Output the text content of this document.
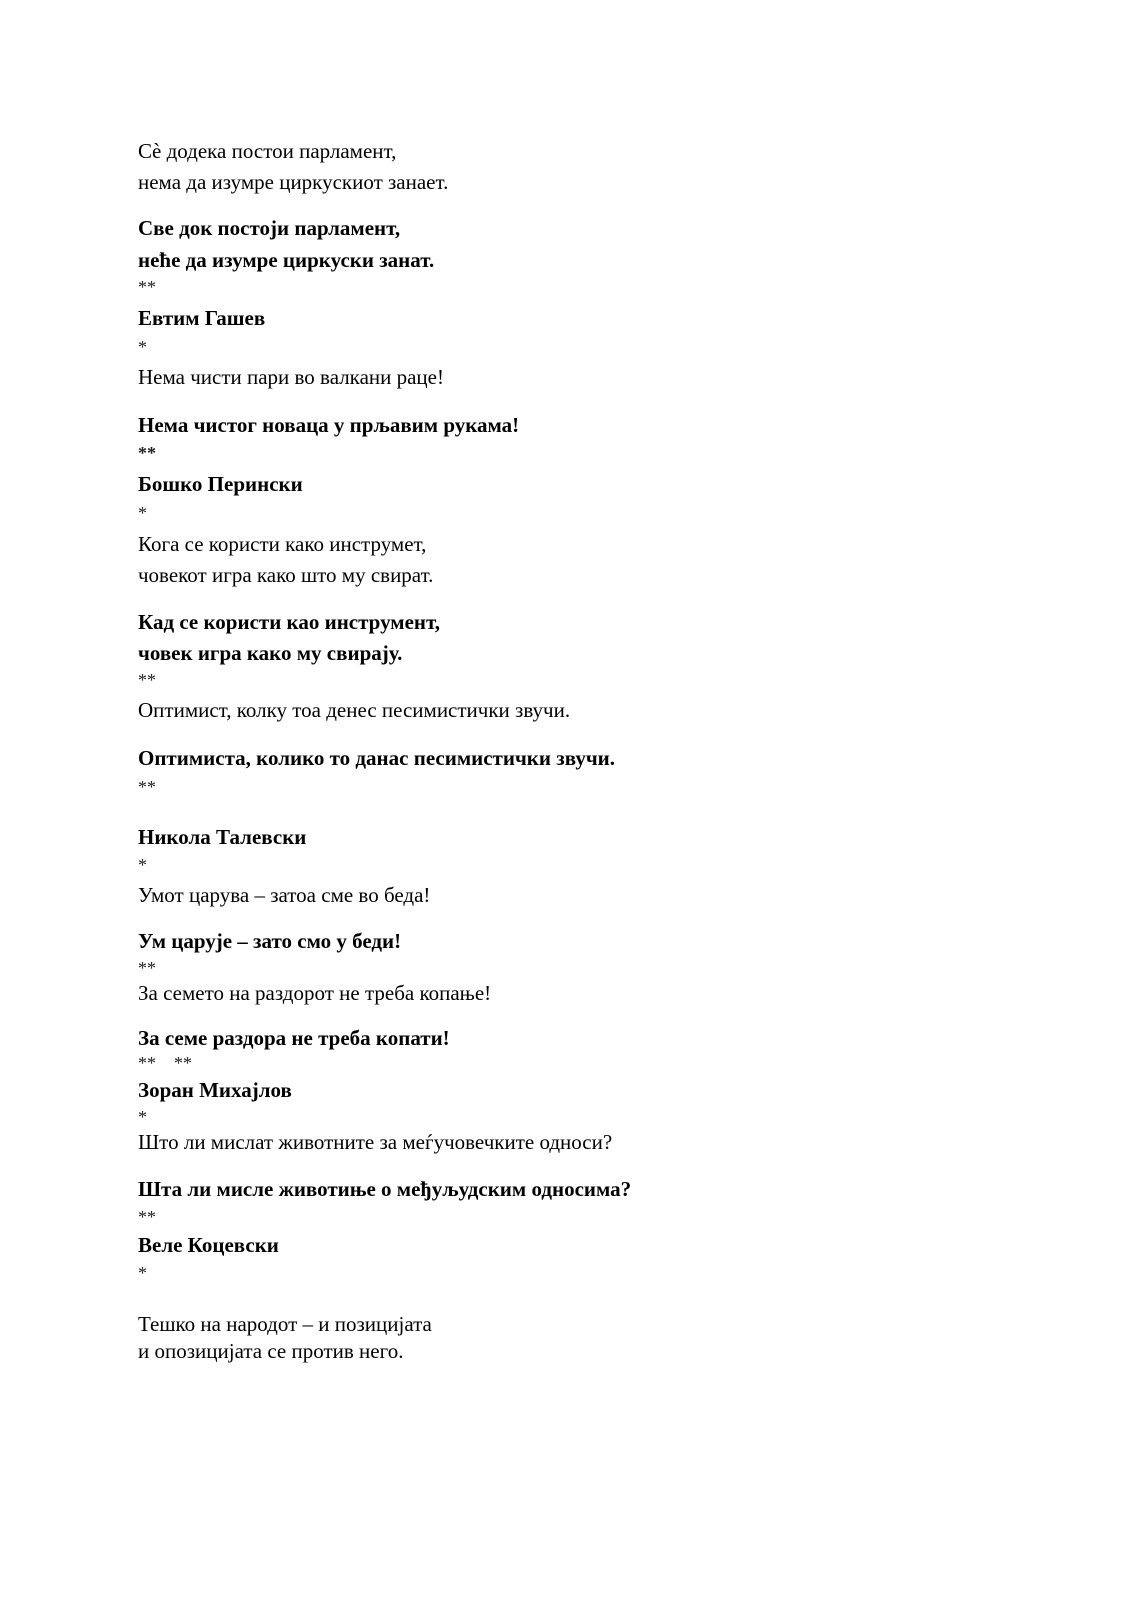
Сѐ додека постои парламент,
нема да изумре циркускиот занает.
Све док постоји парламент,
неће да изумре циркуски занат.
**
Евтим Гашев
*
Нема чисти пари во валкани раце!
Нема чистог новаца у прљавим рукама!
**
Бошко Перински
*
Кога се користи како инструмет,
човекот игра како што му свират.
Кад се користи као инструмент,
човек игра како му свирају.
**
Оптимист, колку тоа денес песимистички звучи.
Оптимиста, колико то данас песимистички звучи.
**
Никола Талевски
*
Умот царува – затоа сме во беда!
Ум царује – зато смо у беди!
**
За семето на раздорот не треба копање!
За семе раздора не треба копати!
**    **
Зоран Михајлов
*
Што ли мислат животните за меѓучовечките односи?
Шта ли мисле животиње о међуљудским односима?
**
Веле Коцевски
*
Тешко на народот – и позицијата
и опозицијата се против него.
